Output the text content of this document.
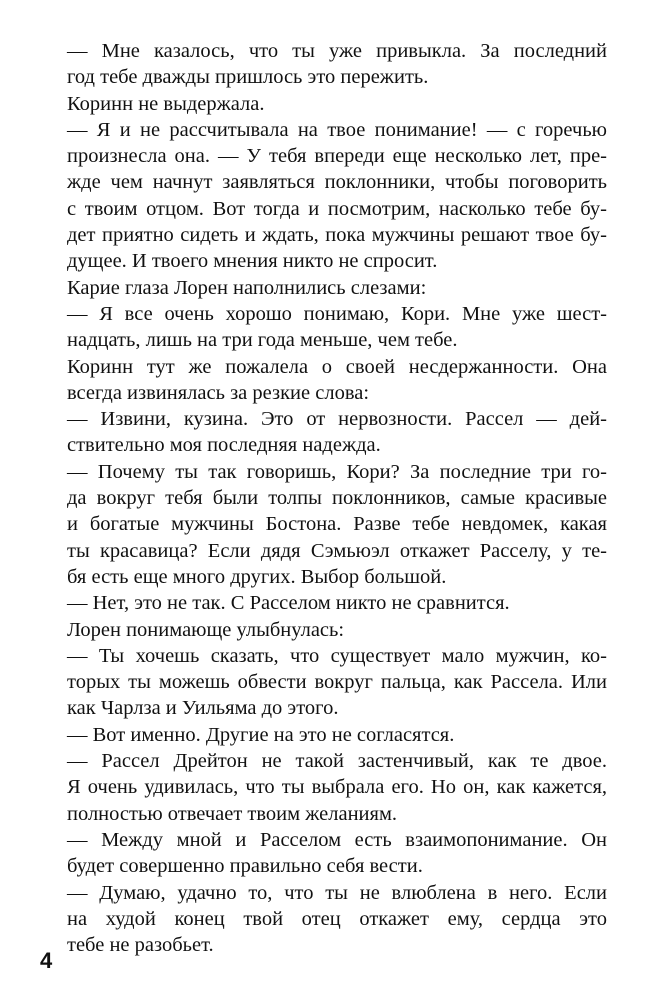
— Мне казалось, что ты уже привыкла. За последний
год тебе дважды пришлось это пережить.
Коринн не выдержала.
— Я и не рассчитывала на твое понимание! — с горечью
произнесла она. — У тебя впереди еще несколько лет, пре-
жде чем начнут заявляться поклонники, чтобы поговорить
с твоим отцом. Вот тогда и посмотрим, насколько тебе бу-
дет приятно сидеть и ждать, пока мужчины решают твое бу-
дущее. И твоего мнения никто не спросит.
Карие глаза Лорен наполнились слезами:
— Я все очень хорошо понимаю, Кори. Мне уже шест-
надцать, лишь на три года меньше, чем тебе.
Коринн тут же пожалела о своей несдержанности. Она
всегда извинялась за резкие слова:
— Извини, кузина. Это от нервозности. Рассел — дей-
ствительно моя последняя надежда.
— Почему ты так говоришь, Кори? За последние три го-
да вокруг тебя были толпы поклонников, самые красивые
и богатые мужчины Бостона. Разве тебе невдомек, какая
ты красавица? Если дядя Сэмьюэл откажет Расселу, у те-
бя есть еще много других. Выбор большой.
— Нет, это не так. С Расселом никто не сравнится.
Лорен понимающе улыбнулась:
— Ты хочешь сказать, что существует мало мужчин, ко-
торых ты можешь обвести вокруг пальца, как Рассела. Или
как Чарлза и Уильяма до этого.
— Вот именно. Другие на это не согласятся.
— Рассел Дрейтон не такой застенчивый, как те двое.
Я очень удивилась, что ты выбрала его. Но он, как кажется,
полностью отвечает твоим желаниям.
— Между мной и Расселом есть взаимопонимание. Он
будет совершенно правильно себя вести.
— Думаю, удачно то, что ты не влюблена в него. Если
на худой конец твой отец откажет ему, сердца это
тебе не разобьет.
4
